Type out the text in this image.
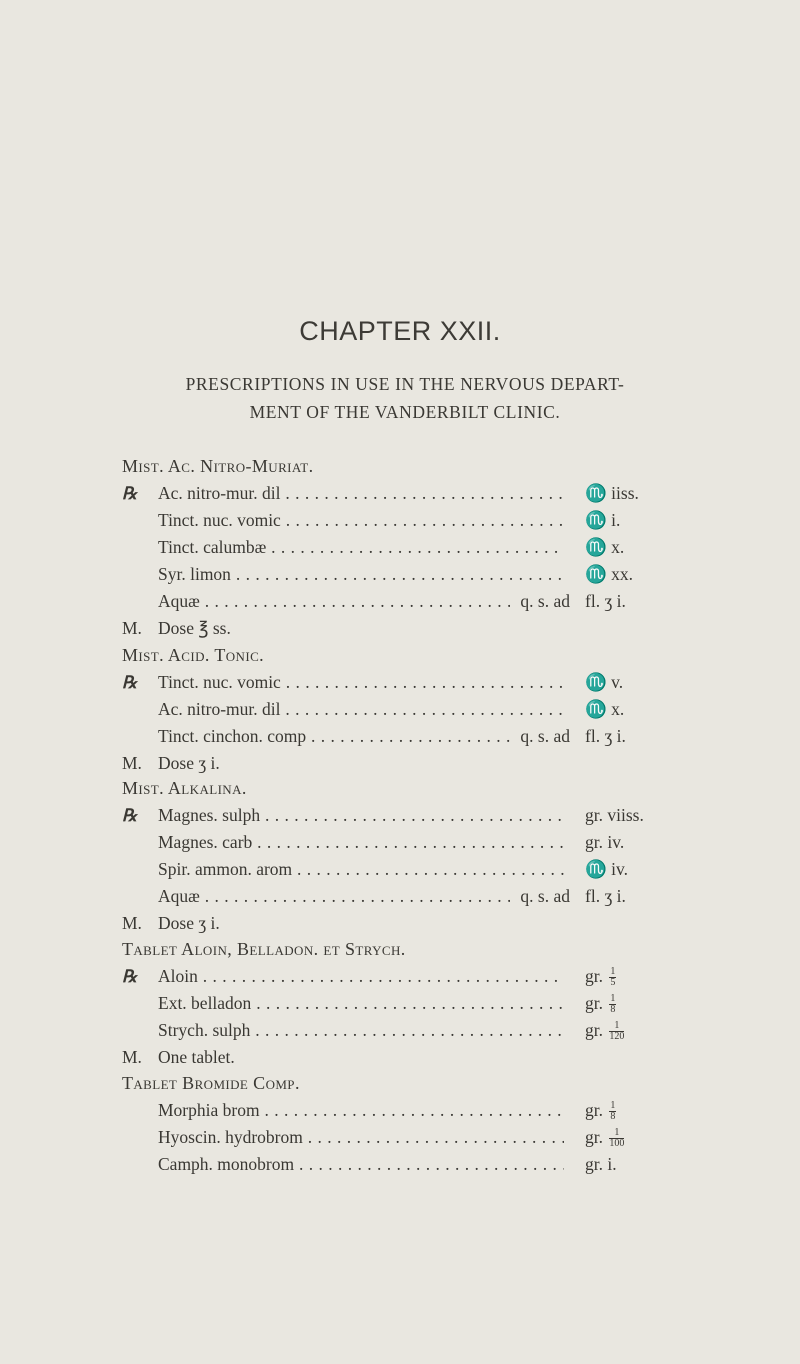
CHAPTER XXII.
PRESCRIPTIONS IN USE IN THE NERVOUS DEPART-
MENT OF THE VANDERBILT CLINIC.
Mist. Ac. Nitro-Muriat.
℞ Ac. nitro-mur. dil . . .	♏ iiss.
Tinct. nuc. vomic . . .	♏ i.
Tinct. calumbæ . . .	♏ x.
Syr. limon . . .	♏ xx.
Aquæ . . .	q. s. ad fl. ʒ i.
M. Dose ℥ ss.
Mist. Acid. Tonic.
℞ Tinct. nuc. vomic . . .	♏ v.
Ac. nitro-mur. dil . . .	♏ x.
Tinct. cinchon. comp . . .	q. s. ad fl. ʒ i.
M. Dose ʒ i.
Mist. Alkalina.
℞ Magnes. sulph . . .	gr. viiss.
Magnes. carb . . .	gr. iv.
Spir. ammon. arom . . .	♏ iv.
Aquæ . . .	q. s. ad fl. ʒ i.
M. Dose ʒ i.
Tablet Aloin, Belladon. et Strych.
℞ Aloin . . .	gr. $\frac{1}{5}$
Ext. belladon . . .	gr. $\frac{1}{8}$
Strych. sulph . . .	gr. $\frac{1}{120}$
M. One tablet.
Tablet Bromide Comp.
Morphia brom . . .	gr. $\frac{1}{8}$
Hyoscin. hydrobrom . . .	gr. $\frac{1}{100}$
Camph. monobrom . . .	gr. i.
